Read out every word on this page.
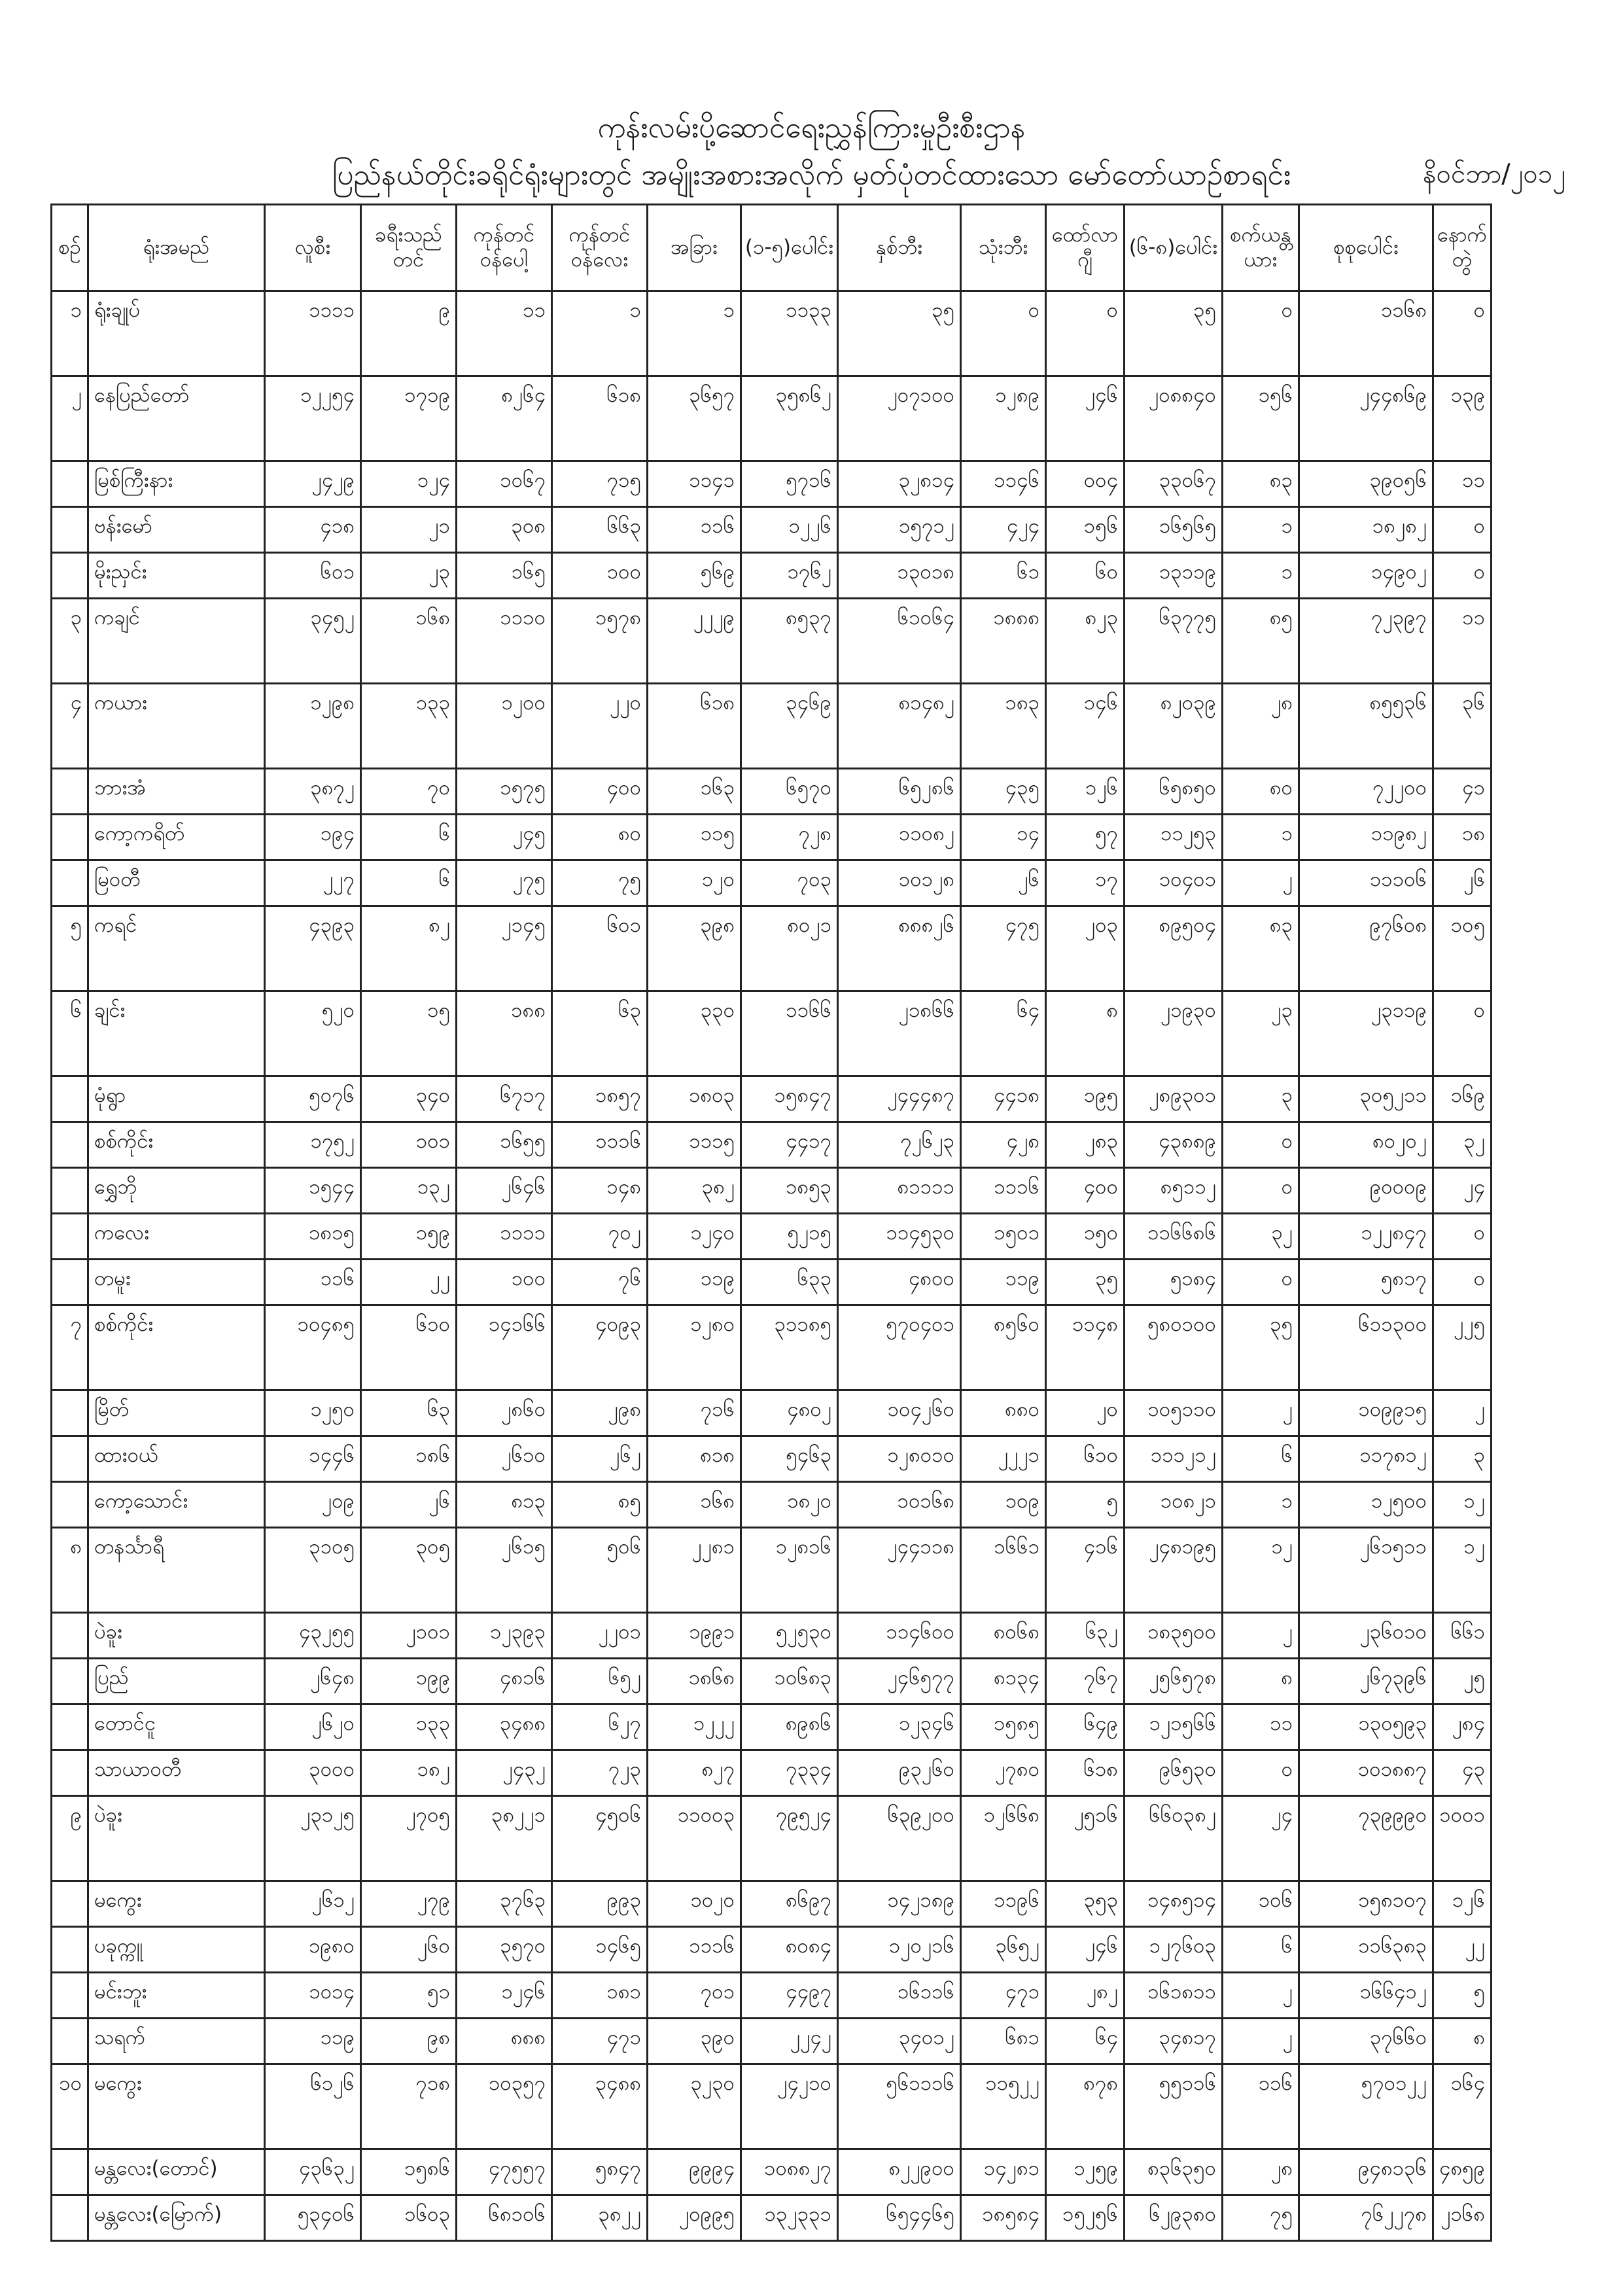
ကုန်းလမ်းပို့ဆောင်ရေးညွှန်ကြားမှုဦးစီးဌာန
ပြည်နယ်တိုင်းခရိုင်ရုံးများတွင် အမျိုးအစားအလိုက် မှတ်ပုံတင်ထားသော မော်တော်ယာဉ်စာရင်း	နိဝင်ဘာ/၂၀၁၂
စဉ်	ရုံးအမည်	လူစီး	ခရီးသည်တင်	ကုန်တင်ဝန်ပေါ့	ကုန်တင်ဝန်လေး	အခြား	(၁-၅)ပေါင်း	နှစ်ဘီး	သုံးဘီး	ထော်လာဂျီ	(၆-၈)ပေါင်း	စက်ယန္တယား	စုစုပေါင်း	နောက်တွဲ
၁	ရုံးချုပ်	၁၁၁၁	၉	၁၁	၁	၁	၁၁၃၃	၃၅	၀	၀	၃၅	၀	၁၁၆၈	၀
၂	နေပြည်တော်	၁၂၂၅၄	၁၇၁၉	၈၂၆၄	၆၁၈	၃၆၅၇	၃၅၈၆၂	၂၀၇၁၀၀	၁၂၈၉	၂၄၆	၂၀၈၈၄၀	၁၅၆	၂၄၄၈၆၉	၁၃၉
	မြစ်ကြီးနား	၂၄၂၉	၁၂၄	၁၀၆၇	၇၁၅	၁၁၄၁	၅၇၁၆	၃၂၈၁၄	၁၁၄၆	၀၀၄	၃၃၀၆၇	၈၃	၃၉၀၅၆	၁၁
	ဗန်းမော်	၄၁၈	၂၁	၃၀၈	၆၆၃	၁၁၆	၁၂၂၆	၁၅၇၁၂	၄၂၄	၁၅၆	၁၆၅၆၅	၁	၁၈၂၈၂	၀
	မိုးညှင်း	၆၀၁	၂၃	၁၆၅	၁၀၀	၅၆၉	၁၇၆၂	၁၃၀၁၈	၆၁	၆၀	၁၃၁၁၉	၁	၁၄၉၀၂	၀
၃	ကချင်	၃၄၅၂	၁၆၈	၁၁၁၀	၁၅၇၈	၂၂၂၉	၈၅၃၇	၆၁၀၆၄	၁၈၈၈	၈၂၃	၆၃၇၇၅	၈၅	၇၂၃၉၇	၁၁
၄	ကယား	၁၂၉၈	၁၃၃	၁၂၀၀	၂၂၀	၆၁၈	၃၄၆၉	၈၁၄၈၂	၁၈၃	၁၄၆	၈၂၀၃၉	၂၈	၈၅၅၃၆	၃၆
	ဘားအံ	၃၈၇၂	၇၀	၁၅၇၅	၄၀၀	၁၆၃	၆၅၇၀	၆၅၂၈၆	၄၃၅	၁၂၆	၆၅၈၅၀	၈၀	၇၂၂၀၀	၄၁
	ကော့ကရိတ်	၁၉၄	၆	၂၄၅	၈၀	၁၁၅	၇၂၈	၁၁၀၈၂	၁၄	၅၇	၁၁၂၅၃	၁	၁၁၉၈၂	၁၈
	မြဝတီ	၂၂၇	၆	၂၇၅	၇၅	၁၂၀	၇၀၃	၁၀၁၂၈	၂၆	၁၇	၁၀၄၀၁	၂	၁၁၁၀၆	၂၆
၅	ကရင်	၄၃၉၃	၈၂	၂၁၄၅	၆၀၁	၃၉၈	၈၀၂၁	၈၈၈၂၆	၄၇၅	၂၀၃	၈၉၅၀၄	၈၃	၉၇၆၀၈	၁၀၅
၆	ချင်း	၅၂၀	၁၅	၁၈၈	၆၃	၃၃၀	၁၁၆၆	၂၁၈၆၆	၆၄	၈	၂၁၉၃၀	၂၃	၂၃၁၁၉	၀
	မုံရွာ	၅၀၇၆	၃၄၀	၆၇၁၇	၁၈၅၇	၁၈၀၃	၁၅၈၄၇	၂၄၄၄၈၇	၄၄၁၈	၁၉၅	၂၈၉၃၀၁	၃	၃၀၅၂၁၁	၁၆၉
	စစ်ကိုင်း	၁၇၅၂	၁၀၁	၁၆၅၅	၁၁၁၆	၁၁၁၅	၄၄၁၇	၇၂၆၂၃	၄၂၈	၂၈၃	၄၃၈၈၉	၀	၈၀၂၀၂	၃၂
	ရွှေဘို	၁၅၄၄	၁၃၂	၂၆၄၆	၁၄၈	၃၈၂	၁၈၅၃	၈၁၁၁၁	၁၁၁၆	၄၀၀	၈၅၁၁၂	၀	၉၀၀၀၉	၂၄
	ကလေး	၁၈၁၅	၁၅၉	၁၁၁၁	၇၀၂	၁၂၄၀	၅၂၁၅	၁၁၄၅၃၀	၁၅၀၁	၁၅၀	၁၁၆၆၈၆	၃၂	၁၂၂၈၄၇	၀
	တမူး	၁၁၆	၂၂	၁၀၀	၇၆	၁၁၉	၆၃၃	၄၈၀၀	၁၁၉	၃၅	၅၁၈၄	၀	၅၈၁၇	၀
၇	စစ်ကိုင်း	၁၀၄၈၅	၆၁၀	၁၄၁၆၆	၄၀၉၃	၁၂၈၀	၃၁၁၈၅	၅၇၀၄၀၁	၈၅၆၀	၁၁၄၈	၅၈၀၁၀၀	၃၅	၆၁၁၃၀၀	၂၂၅
	မြိတ်	၁၂၅၀	၆၃	၂၈၆၀	၂၉၈	၇၁၆	၄၈၀၂	၁၀၄၂၆၀	၈၈၀	၂၀	၁၀၅၁၁၀	၂	၁၀၉၉၁၅	၂
	ထားဝယ်	၁၄၄၆	၁၈၆	၂၆၁၀	၂၆၂	၈၁၈	၅၄၆၃	၁၂၈၀၁၀	၂၂၂၁	၆၁၀	၁၁၁၂၁၂	၆	၁၁၇၈၁၂	၃
	ကော့သောင်း	၂၀၉	၂၆	၈၁၃	၈၅	၁၆၈	၁၈၂၀	၁၀၁၆၈	၁၀၉	၅	၁၀၈၂၁	၁	၁၂၅၀၀	၁၂
၈	တနင်္သာရီ	၃၁၀၅	၃၀၅	၂၆၁၅	၅၀၆	၂၂၈၁	၁၂၈၁၆	၂၄၄၁၁၈	၁၆၆၁	၄၁၆	၂၄၈၁၉၅	၁၂	၂၆၁၅၁၁	၁၂
	ပဲခူး	၄၃၂၅၅	၂၁၀၁	၁၂၃၉၃	၂၂၀၁	၁၉၉၁	၅၂၅၃၀	၁၁၄၆၀၀	၈၀၆၈	၆၃၂	၁၈၃၅၀၀	၂	၂၃၆၀၁၀	၆၆၁
	ပြည်	၂၆၄၈	၁၉၉	၄၈၁၆	၆၅၂	၁၈၆၈	၁၀၆၈၃	၂၄၆၅၇၇	၈၁၃၄	၇၆၇	၂၅၆၅၇၈	၈	၂၆၇၃၉၆	၂၅
	တောင်ငူ	၂၆၂၀	၁၃၃	၃၄၈၈	၆၂၇	၁၂၂၂	၈၉၈၆	၁၂၃၄၆	၁၅၈၅	၆၄၉	၁၂၁၅၆၆	၁၁	၁၃၀၅၉၃	၂၈၄
	သာယာဝတီ	၃၀၀၀	၁၈၂	၂၄၃၂	၇၂၃	၈၂၇	၇၃၃၄	၉၃၂၆၀	၂၇၈၀	၆၁၈	၉၆၅၃၀	၀	၁၀၁၈၈၇	၄၃
၉	ပဲခူး	၂၃၁၂၅	၂၇၀၅	၃၈၂၂၁	၄၅၀၆	၁၁၀၀၃	၇၉၅၂၄	၆၃၉၂၀၀	၁၂၆၆၈	၂၅၁၆	၆၆၀၃၈၂	၂၄	၇၃၉၉၉၀	၁၀၀၁
	မကွေး	၂၆၁၂	၂၇၉	၃၇၆၃	၉၉၃	၁၀၂၀	၈၆၉၇	၁၄၂၁၈၉	၁၁၉၆	၃၅၃	၁၄၈၅၁၄	၁၀၆	၁၅၈၁၀၇	၁၂၆
	ပခုက္ကူ	၁၉၈၀	၂၆၀	၃၅၇၀	၁၄၆၅	၁၁၁၆	၈၀၈၄	၁၂၀၂၁၆	၃၆၅၂	၂၄၆	၁၂၇၆၀၃	၆	၁၁၆၃၈၃	၂၂
	မင်းဘူး	၁၀၁၄	၅၁	၁၂၄၆	၁၈၁	၇၀၁	၄၄၉၇	၁၆၁၁၆	၄၇၁	၂၈၂	၁၆၁၈၁၁	၂	၁၆၆၄၁၂	၅
	သရက်	၁၁၉	၉၈	၈၈၈	၄၇၁	၃၉၀	၂၂၄၂	၃၄၀၁၂	၆၈၁	၆၄	၃၄၈၁၇	၂	၃၇၆၆၀	၈
၁၀	မကွေး	၆၁၂၆	၇၁၈	၁၀၃၅၇	၃၄၈၈	၃၂၃၀	၂၄၂၁၀	၅၆၁၁၁၆	၁၁၅၂၂	၈၇၈	၅၅၁၁၆	၁၁၆	၅၇၀၁၂၂	၁၆၄
	မန္တလေး(တောင်)	၄၃၆၃၂	၁၅၈၆	၄၇၅၅၇	၅၈၄၇	၉၉၉၄	၁၀၈၈၂၇	၈၂၂၉၀၀	၁၄၂၈၁	၁၂၅၉	၈၃၆၃၅၀	၂၈	၉၄၈၁၃၆	၄၈၅၉
	မန္တလေး(မြောက်)	၅၃၄၀၆	၁၆၀၃	၆၈၁၀၆	၃၈၂၂	၂၀၉၉၅	၁၃၂၃၃၁	၆၅၄၄၆၅	၁၈၅၈၄	၁၅၂၅၆	၆၂၉၃၈၀	၇၅	၇၆၂၂၇၈	၂၁၆၈
